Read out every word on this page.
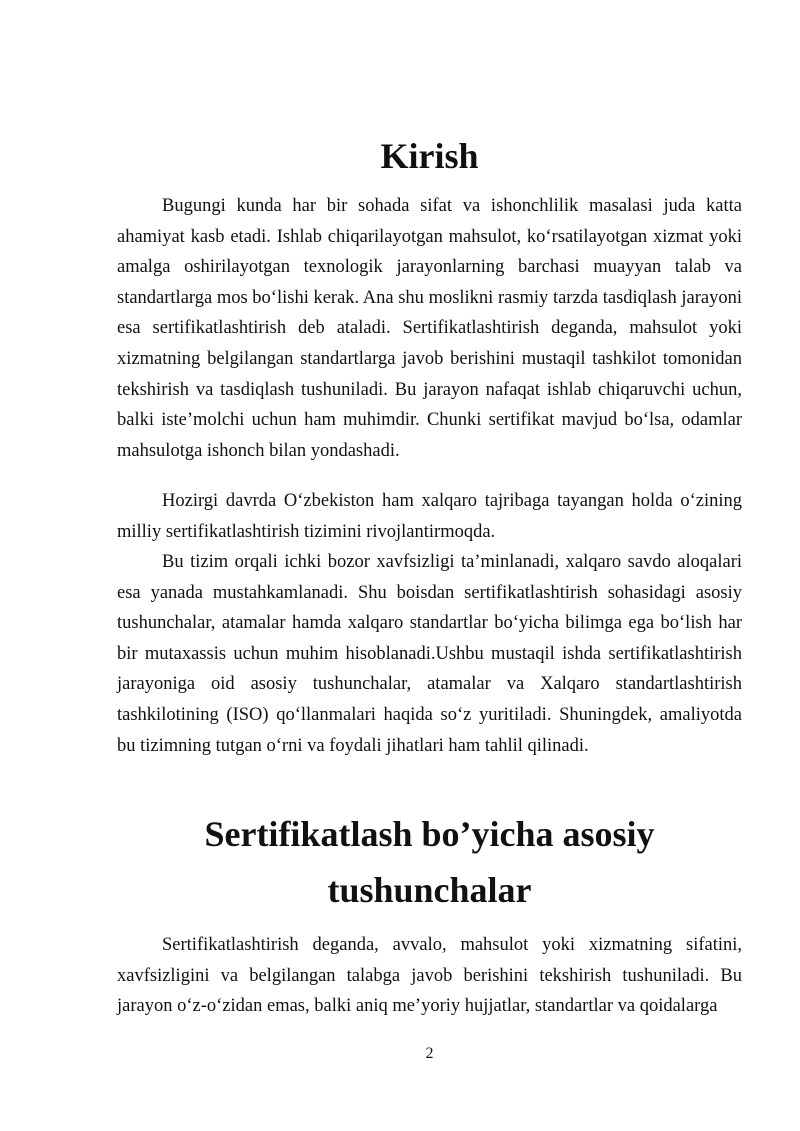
Kirish

Bugungi kunda har bir sohada sifat va ishonchlilik masalasi juda katta ahamiyat kasb etadi. Ishlab chiqarilayotgan mahsulot, ko‘rsatilayotgan xizmat yoki amalga oshirilayotgan texnologik jarayonlarning barchasi muayyan talab va standartlarga mos bo‘lishi kerak. Ana shu moslikni rasmiy tarzda tasdiqlash jarayoni esa sertifikatlashtirish deb ataladi. Sertifikatlashtirish deganda, mahsulot yoki xizmatning belgilangan standartlarga javob berishini mustaqil tashkilot tomonidan tekshirish va tasdiqlash tushuniladi. Bu jarayon nafaqat ishlab chiqaruvchi uchun, balki iste’molchi uchun ham muhimdir. Chunki sertifikat mavjud bo‘lsa, odamlar mahsulotga ishonch bilan yondashadi.

Hozirgi davrda O‘zbekiston ham xalqaro tajribaga tayangan holda o‘zining milliy sertifikatlashtirish tizimini rivojlantirmoqda.

Bu tizim orqali ichki bozor xavfsizligi ta’minlanadi, xalqaro savdo aloqalari esa yanada mustahkamlanadi. Shu boisdan sertifikatlashtirish sohasidagi asosiy tushunchalar, atamalar hamda xalqaro standartlar bo‘yicha bilimga ega bo‘lish har bir mutaxassis uchun muhim hisoblanadi.Ushbu mustaqil ishda sertifikatlashtirish jarayoniga oid asosiy tushunchalar, atamalar va Xalqaro standartlashtirish tashkilotining (ISO) qo‘llanmalari haqida so‘z yuritiladi. Shuningdek, amaliyotda bu tizimning tutgan o‘rni va foydali jihatlari ham tahlil qilinadi.

Sertifikatlash bo’yicha asosiy tushunchalar

Sertifikatlashtirish deganda, avvalo, mahsulot yoki xizmatning sifatini, xavfsizligini va belgilangan talabga javob berishini tekshirish tushuniladi. Bu jarayon o‘z-o‘zidan emas, balki aniq me’yoriy hujjatlar, standartlar va qoidalarga

2
